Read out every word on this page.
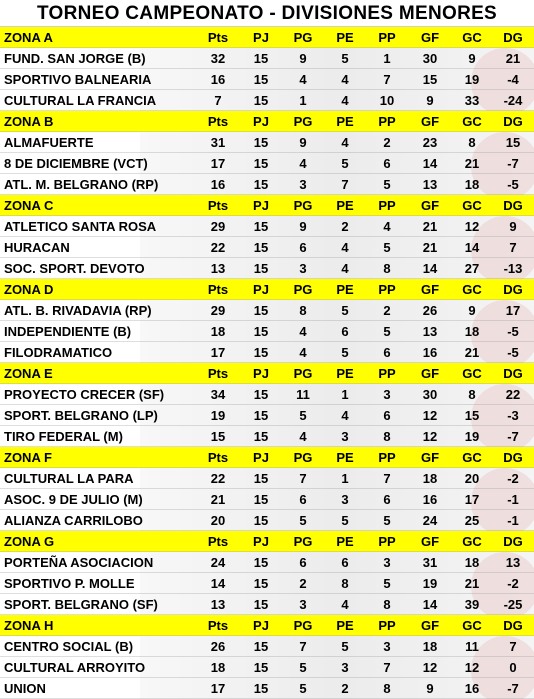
TORNEO CAMPEONATO - DIVISIONES MENORES
ZONA A	Pts	PJ	PG	PE	PP	GF	GC	DG
FUND. SAN JORGE (B)	32	15	9	5	1	30	9	21
SPORTIVO BALNEARIA	16	15	4	4	7	15	19	-4
CULTURAL LA FRANCIA	7	15	1	4	10	9	33	-24
ZONA B	Pts	PJ	PG	PE	PP	GF	GC	DG
ALMAFUERTE	31	15	9	4	2	23	8	15
8 DE DICIEMBRE (VCT)	17	15	4	5	6	14	21	-7
ATL. M. BELGRANO (RP)	16	15	3	7	5	13	18	-5
ZONA C	Pts	PJ	PG	PE	PP	GF	GC	DG
ATLETICO SANTA ROSA	29	15	9	2	4	21	12	9
HURACAN	22	15	6	4	5	21	14	7
SOC. SPORT. DEVOTO	13	15	3	4	8	14	27	-13
ZONA D	Pts	PJ	PG	PE	PP	GF	GC	DG
ATL. B. RIVADAVIA (RP)	29	15	8	5	2	26	9	17
INDEPENDIENTE (B)	18	15	4	6	5	13	18	-5
FILODRAMATICO	17	15	4	5	6	16	21	-5
ZONA E	Pts	PJ	PG	PE	PP	GF	GC	DG
PROYECTO CRECER (SF)	34	15	11	1	3	30	8	22
SPORT. BELGRANO (LP)	19	15	5	4	6	12	15	-3
TIRO FEDERAL (M)	15	15	4	3	8	12	19	-7
ZONA F	Pts	PJ	PG	PE	PP	GF	GC	DG
CULTURAL LA PARA	22	15	7	1	7	18	20	-2
ASOC. 9 DE JULIO (M)	21	15	6	3	6	16	17	-1
ALIANZA CARRILOBO	20	15	5	5	5	24	25	-1
ZONA G	Pts	PJ	PG	PE	PP	GF	GC	DG
PORTEÑA ASOCIACION	24	15	6	6	3	31	18	13
SPORTIVO P. MOLLE	14	15	2	8	5	19	21	-2
SPORT. BELGRANO (SF)	13	15	3	4	8	14	39	-25
ZONA H	Pts	PJ	PG	PE	PP	GF	GC	DG
CENTRO SOCIAL (B)	26	15	7	5	3	18	11	7
CULTURAL ARROYITO	18	15	5	3	7	12	12	0
UNION	17	15	5	2	8	9	16	-7
